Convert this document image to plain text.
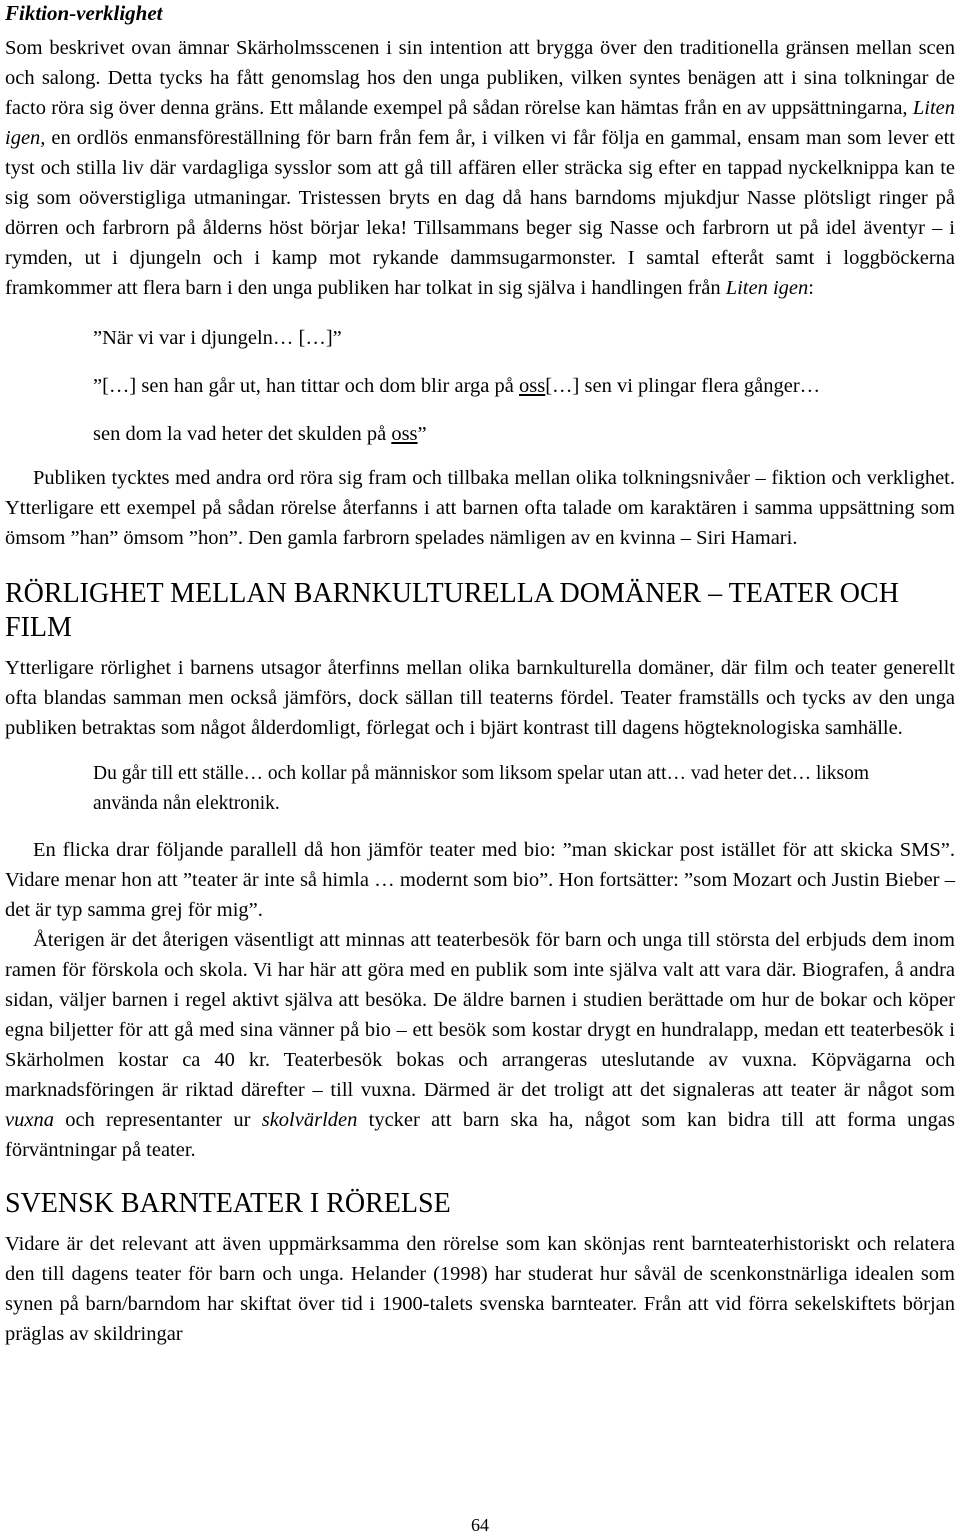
Fiktion-verklighet

Som beskrivet ovan ämnar Skärholmsscenen i sin intention att brygga över den traditionella gränsen mellan scen och salong. Detta tycks ha fått genomslag hos den unga publiken, vilken syntes benägen att i sina tolkningar de facto röra sig över denna gräns. Ett målande exempel på sådan rörelse kan hämtas från en av uppsättningarna, Liten igen, en ordlös enmansföreställning för barn från fem år, i vilken vi får följa en gammal, ensam man som lever ett tyst och stilla liv där vardagliga sysslor som att gå till affären eller sträcka sig efter en tappad nyckelknippa kan te sig som oöverstigliga utmaningar. Tristessen bryts en dag då hans barndoms mjukdjur Nasse plötsligt ringer på dörren och farbrorn på ålderns höst börjar leka! Tillsammans beger sig Nasse och farbrorn ut på idel äventyr – i rymden, ut i djungeln och i kamp mot rykande dammsugarmonster. I samtal efteråt samt i loggböckerna framkommer att flera barn i den unga publiken har tolkat in sig själva i handlingen från Liten igen:

”När vi var i djungeln… […]”

”[…] sen han går ut, han tittar och dom blir arga på oss[…] sen vi plingar flera gånger…

sen dom la vad heter det skulden på oss”

Publiken tycktes med andra ord röra sig fram och tillbaka mellan olika tolkningsnivåer – fiktion och verklighet. Ytterligare ett exempel på sådan rörelse återfanns i att barnen ofta talade om karaktären i samma uppsättning som ömsom ”han” ömsom ”hon”. Den gamla farbrorn spelades nämligen av en kvinna – Siri Hamari.

RÖRLIGHET MELLAN BARNKULTURELLA DOMÄNER – TEATER OCH FILM

Ytterligare rörlighet i barnens utsagor återfinns mellan olika barnkulturella domäner, där film och teater generellt ofta blandas samman men också jämförs, dock sällan till teaterns fördel. Teater framställs och tycks av den unga publiken betraktas som något ålderdomligt, förlegat och i bjärt kontrast till dagens högteknologiska samhälle.

Du går till ett ställe… och kollar på människor som liksom spelar utan att… vad heter det… liksom använda nån elektronik.

En flicka drar följande parallell då hon jämför teater med bio: ”man skickar post istället för att skicka SMS”. Vidare menar hon att ”teater är inte så himla … modernt som bio”. Hon fortsätter: ”som Mozart och Justin Bieber – det är typ samma grej för mig”.

Återigen är det återigen väsentligt att minnas att teaterbesök för barn och unga till största del erbjuds dem inom ramen för förskola och skola. Vi har här att göra med en publik som inte själva valt att vara där. Biografen, å andra sidan, väljer barnen i regel aktivt själva att besöka. De äldre barnen i studien berättade om hur de bokar och köper egna biljetter för att gå med sina vänner på bio – ett besök som kostar drygt en hundralapp, medan ett teaterbesök i Skärholmen kostar ca 40 kr. Teaterbesök bokas och arrangeras uteslutande av vuxna. Köpvägarna och marknadsföringen är riktad därefter – till vuxna. Därmed är det troligt att det signaleras att teater är något som vuxna och representanter ur skolvärlden tycker att barn ska ha, något som kan bidra till att forma ungas förväntningar på teater.

SVENSK BARNTEATER I RÖRELSE

Vidare är det relevant att även uppmärksamma den rörelse som kan skönjas rent barnteaterhistoriskt och relatera den till dagens teater för barn och unga. Helander (1998) har studerat hur såväl de scenkonstnärliga idealen som synen på barn/barndom har skiftat över tid i 1900-talets svenska barnteater. Från att vid förra sekelskiftets början präglas av skildringar

64
